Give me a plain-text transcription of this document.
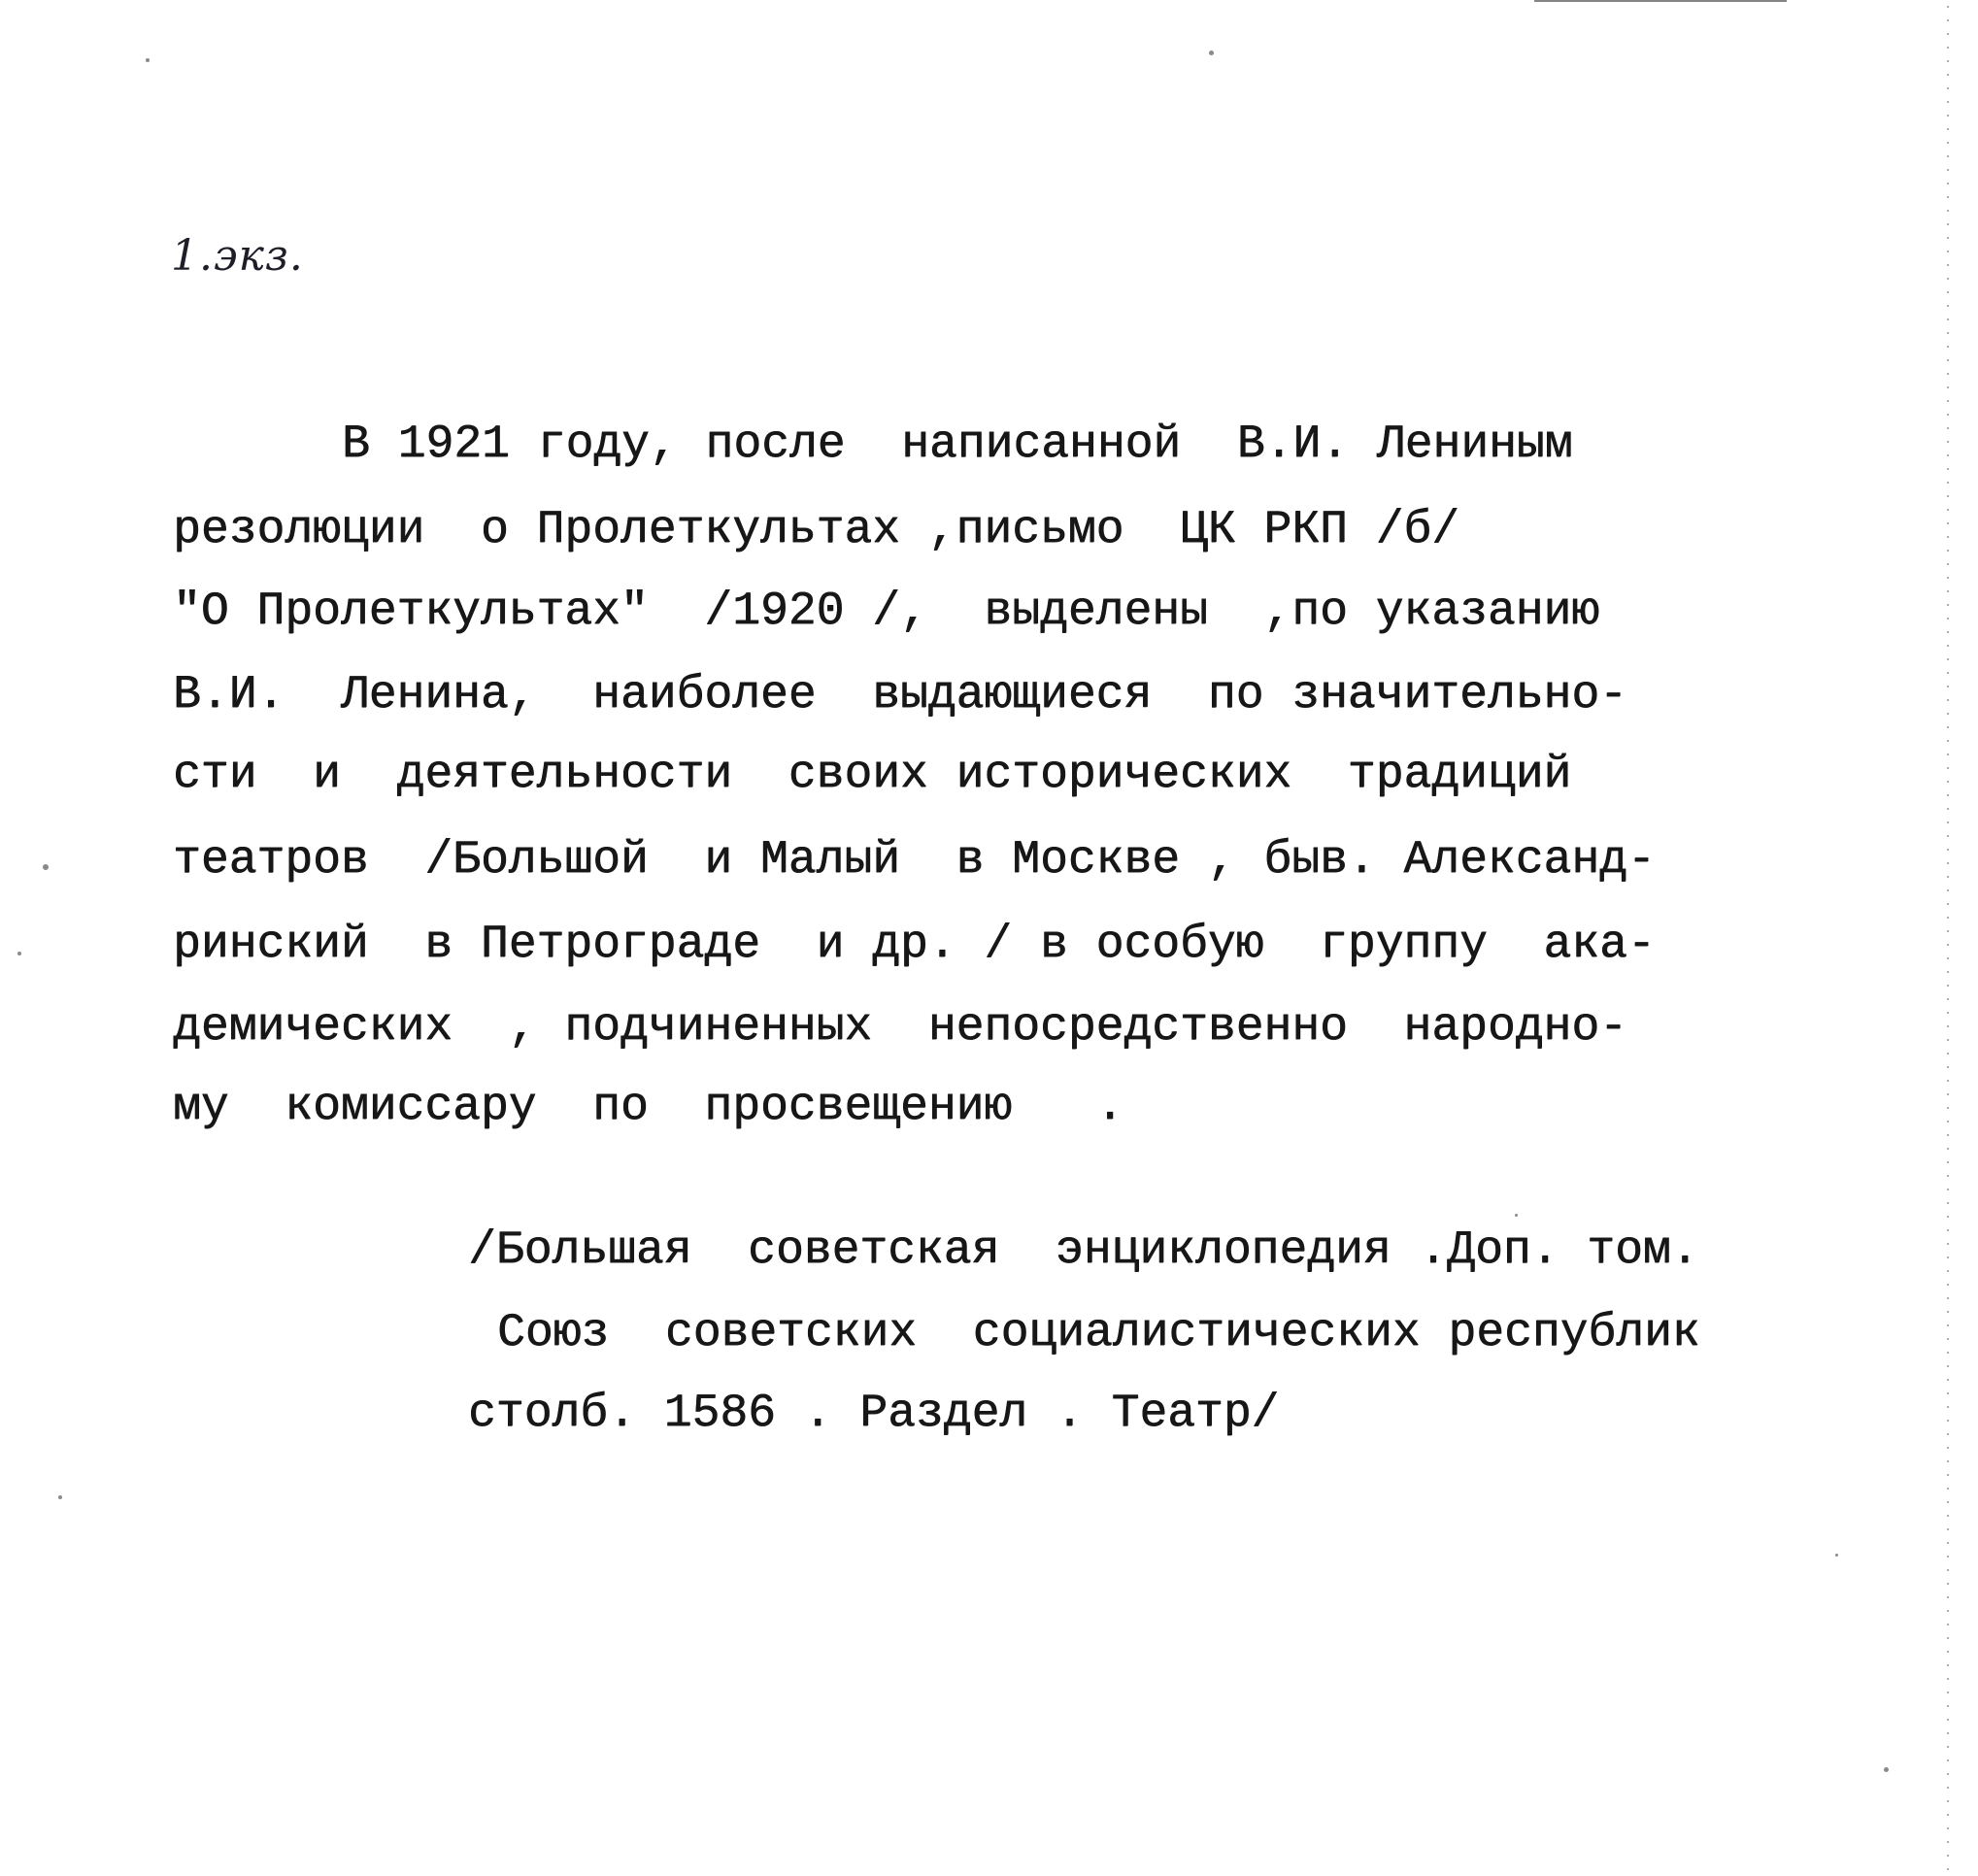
1.экз.
В 1921 году, после  написанной  В.И. Лениным
резолюции  о Пролеткультах ,письмо  ЦК РКП /б/
"О Пролеткультах"  /1920 /,  выделены  ,по указанию
В.И.  Ленина,  наиболее  выдающиеся  по значительно-
сти  и  деятельности  своих исторических  традиций
театров  /Большой  и Малый  в Москве , быв. Александ-
ринский  в Петрограде  и др. / в особую  группу  ака-
демических  , подчиненных  непосредственно  народно-
му  комиссару  по  просвещению   .
/Большая  советская  энциклопедия .Доп. том.
Союз  советских  социалистических республик
столб. 1586 . Раздел . Театр/
